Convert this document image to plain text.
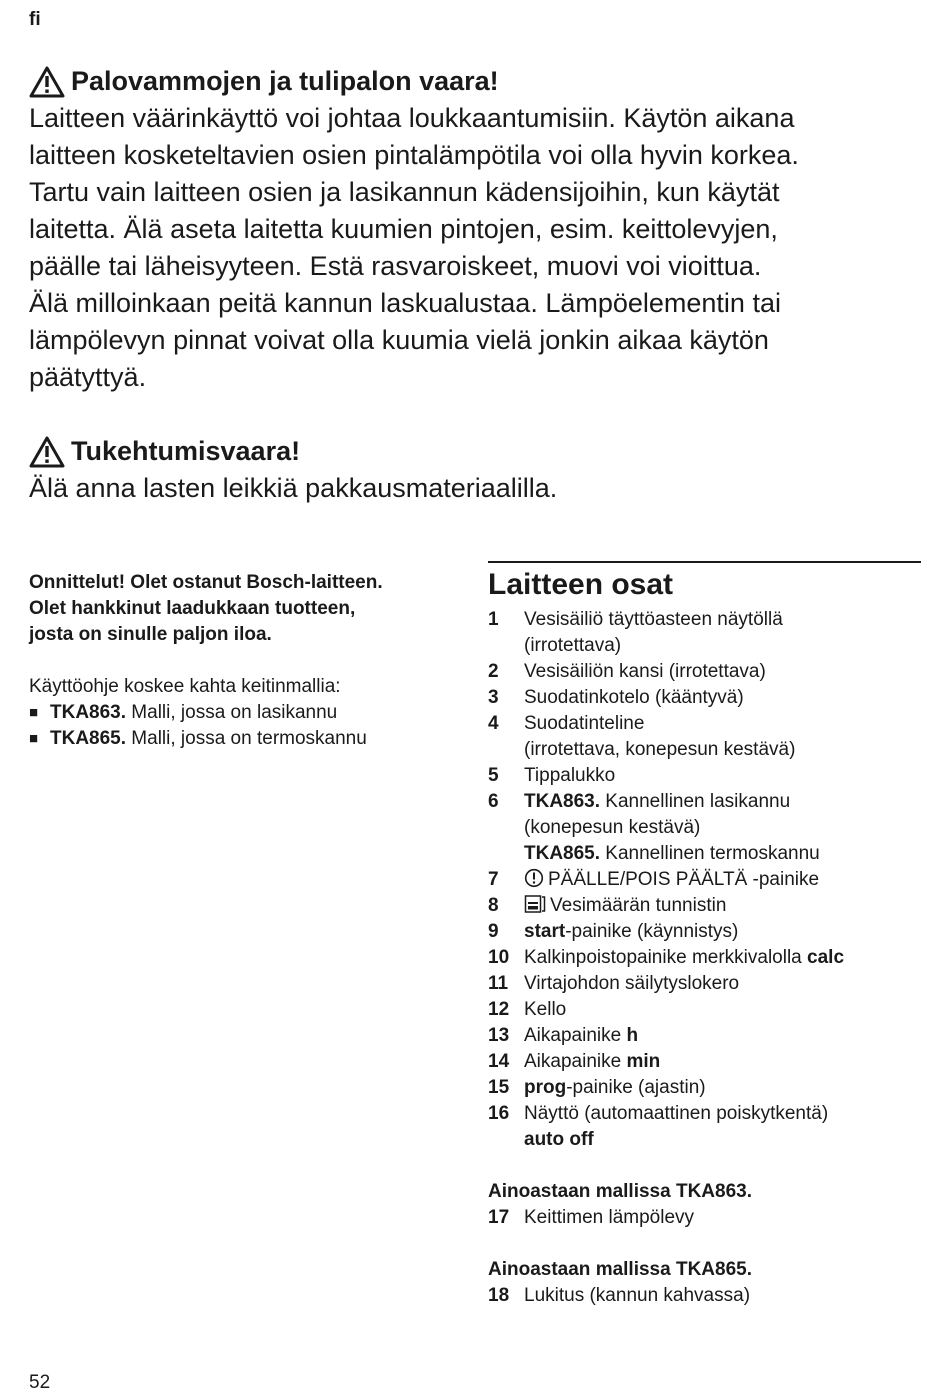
fi
Palovammojen ja tulipalon vaara!
Laitteen väärinkäyttö voi johtaa loukkaantumisiin. Käytön aikana
laitteen kosketeltavien osien pintalämpötila voi olla hyvin korkea.
Tartu vain laitteen osien ja lasikannun kädensijoihin, kun käytät
laitetta. Älä aseta laitetta kuumien pintojen, esim. keittolevyjen,
päälle tai läheisyyteen. Estä rasvaroiskeet, muovi voi vioittua.
Älä milloinkaan peitä kannun laskualustaa. Lämpöelementin tai
lämpölevyn pinnat voivat olla kuumia vielä jonkin aikaa käytön
päätyttyä.
Tukehtumisvaara!
Älä anna lasten leikkiä pakkausmateriaalilla.
Onnittelut! Olet ostanut Bosch-laitteen.
Olet hankkinut laadukkaan tuotteen,
josta on sinulle paljon iloa.
Käyttöohje koskee kahta keitinmallia:
■ TKA863. Malli, jossa on lasikannu
■ TKA865. Malli, jossa on termoskannu
Laitteen osat
1	Vesisäiliö täyttöasteen näytöllä
(irrotettava)
2	Vesisäiliön kansi (irrotettava)
3	Suodatinkotelo (kääntyvä)
4	Suodatinteline
(irrotettava, konepesun kestävä)
5	Tippalukko
6	TKA863. Kannellinen lasikannu
(konepesun kestävä)
TKA865. Kannellinen termoskannu
7	PÄÄLLE/POIS PÄÄLTÄ -painike
8	Vesimäärän tunnistin
9	start-painike (käynnistys)
10 Kalkinpoistopainike merkkivalolla calc
11 Virtajohdon säilytyslokero
12 Kello
13 Aikapainike h
14 Aikapainike min
15 prog-painike (ajastin)
16 Näyttö (automaattinen poiskytkentä)
auto off
Ainoastaan mallissa TKA863.
17 Keittimen lämpölevy
Ainoastaan mallissa TKA865.
18 Lukitus (kannun kahvassa)
52
